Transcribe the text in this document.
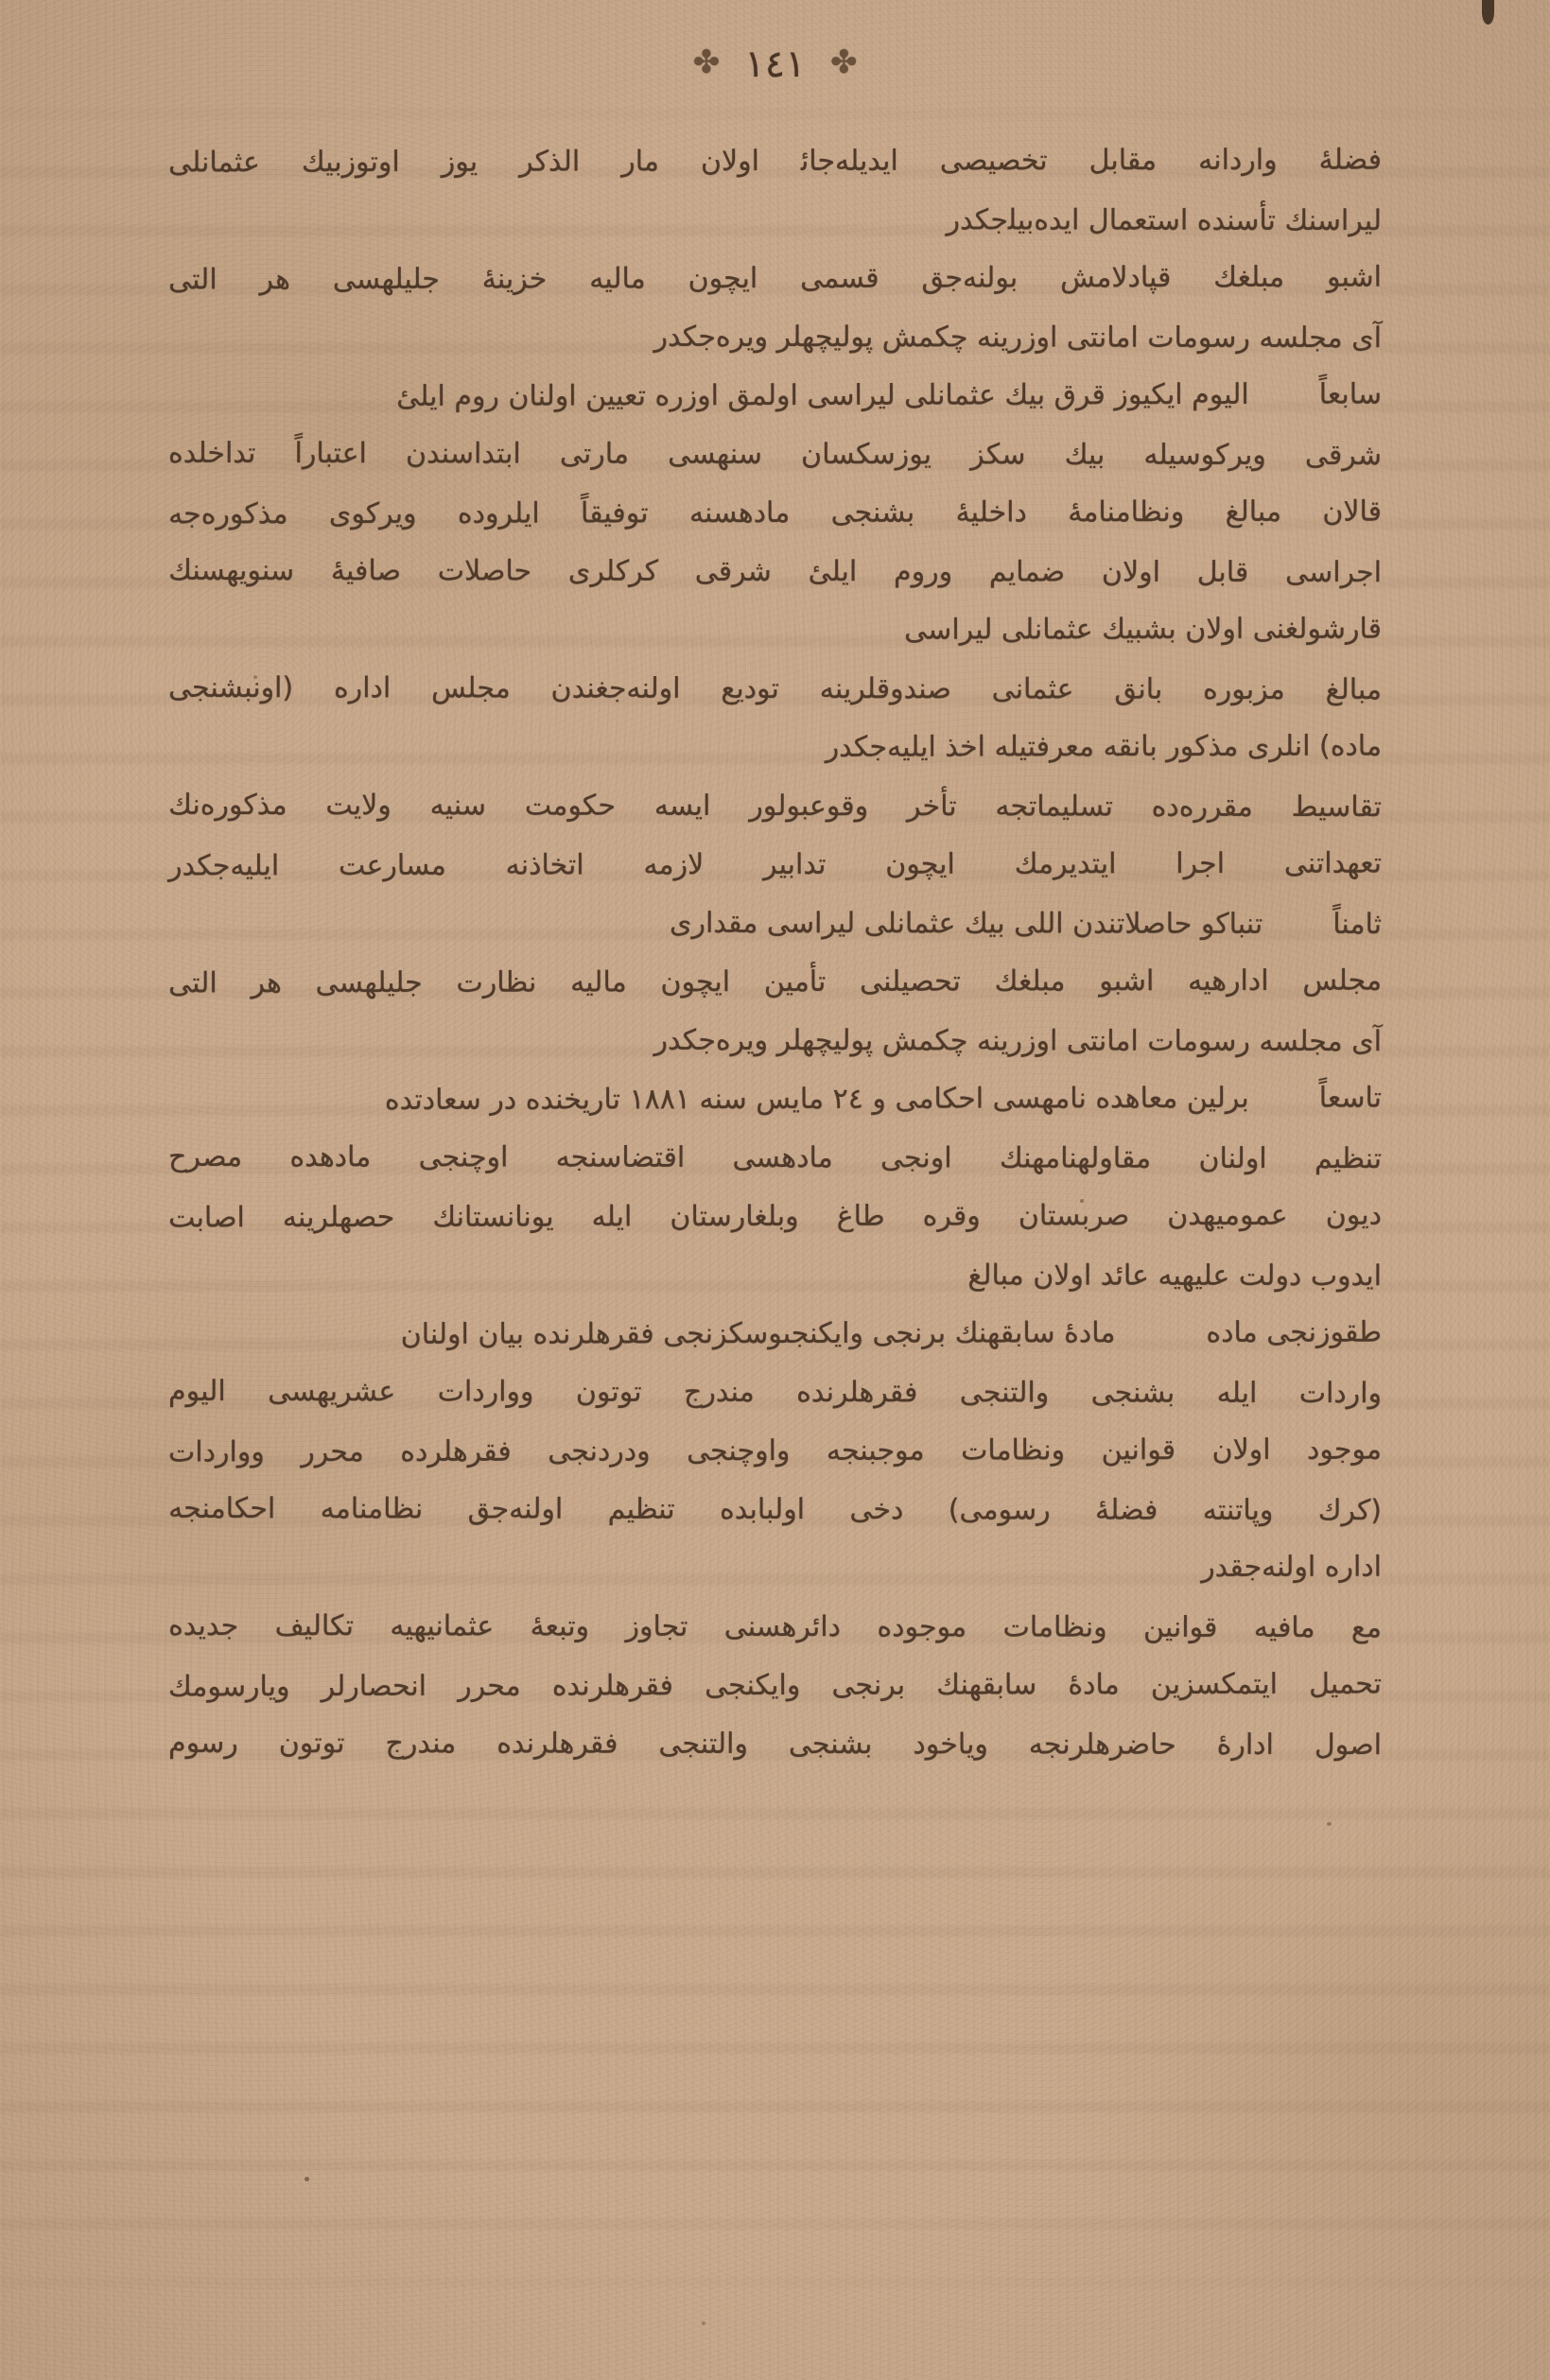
✤ ١٤١ ✤
فضلهٔ
واردانه
مقابل
تخصيصى
ايدﯾﻠﻪﺟﺎﺋ
اولان
مار
الذكر
يوز
اوتوزبيك
عثمانلى
ليراسنك تأسنده استعمال ايدﻩﺑﻴﻠﺟﻜﺪر
اشبو
مبلغك
قپادلامش
بولنه‌جق
قسمى
ايچون
ماليه
خزينهٔ
جليلهسى
هر
التى
آى مجلسه رسومات امانتى اوزرينه چكمش پوليچهلر ويره‌جكدر
سابعاً
اليوم ايكيوز قرق بيك عثمانلى ليراسى اولمق اوزره تعيين اولنان روم ايلىٔ
شرقى
ويركوسيله
بيك
سكز
يوزسكسان
سنهسى
مارتى
ابتداسندن
اعتباراً
تداخلده
قالان
مبالغ
ونظامنامهٔ
داخليهٔ
بشنجى
مادهسنه
توفيقاً
ايلروده
ويركوى
مذكورﻩ‌ﺟﻪ
اجراسى
قابل
اولان
ضمايم
وروم
ايلىٔ
شرقى
كركلرى
حاصلات
صافيهٔ
سنويهسنك
قارشولغنى اولان بشبيك عثمانلى ليراسى
مبالغ
مزبوره
بانق
عثمانى
صندوقلرينه
توديع
اولنه‌جغندن
مجلس
اداره
(اونبشنجى
ماده) انلرى مذكور بانقه معرفتيله اخذ ايليه‌جكدر
تقاسيط
مقرره‌ده
تسليماتجه
تأخر
وقوعبولور
ايسه
حكومت
سنيه
ولايت
مذكورﻩﻧﻚ
تعهداتنى
اجرا
ايتديرمك
ايچون
تدابير
لازمه
اتخاذنه
مسارعت
ايليه‌جكدر
ثامناً
تنباكو حاصلاتندن اللى بيك عثمانلى ليراسى مقدارى
مجلس
ادارهيه
اشبو
مبلغك
تحصيلنى
تأمين
ايچون
ماليه
نظارت
جليلهسى
هر
التى
آى مجلسه رسومات امانتى اوزرينه چكمش پوليچهلر ويره‌جكدر
تاسعاً
برلين معاهده نامهسى احكامى و ٢٤ مايس سنه ١٨٨١ تاريخنده در سعادتده
تنظيم
اولنان
مقاولهنامهنك
اونجى
مادهسى
اقتضاسنجه
اوچنجى
مادهده
مصرح
ديون
عموميهدن
صربستان
وقره
طاغ
وبلغارستان
ايله
يونانستانك
حصهلرينه
اصابت
ايدوب دولت عليهيه عائد اولان مبالغ
طقوزنجى ماده
مادهٔ سابقهنك برنجى وايكنجىوسكزنجى فقرهلرنده بيان اولنان
واردات
ايله
بشنجى
والتنجى
فقرهلرنده
مندرج
توتون
وواردات
عشريهسى
اليوم
موجود
اولان
قوانين
ونظامات
موجبنجه
واوچنجى
ودردنجى
فقرهلرده
محرر
وواردات
(كرك
وپاتنته
فضلهٔ
رسومى)
دخى
اولبابده
تنظيم
اولنه‌جق
نظامنامه
احكامنجه
اداره اولنه‌جقدر
مع
مافيه
قوانين
ونظامات
موجوده
دائرهسنى
تجاوز
وتبعهٔ
عثمانيهيه
تكاليف
جديده
تحميل
ايتمكسزين
مادهٔ
سابقهنك
برنجى
وايكنجى
فقرهلرنده
محرر
انحصارلر
ويارسومك
اصول
ادارهٔ
حاضرهلرنجه
وياخود
بشنجى
والتنجى
فقرهلرنده
مندرج
توتون
رسوم
